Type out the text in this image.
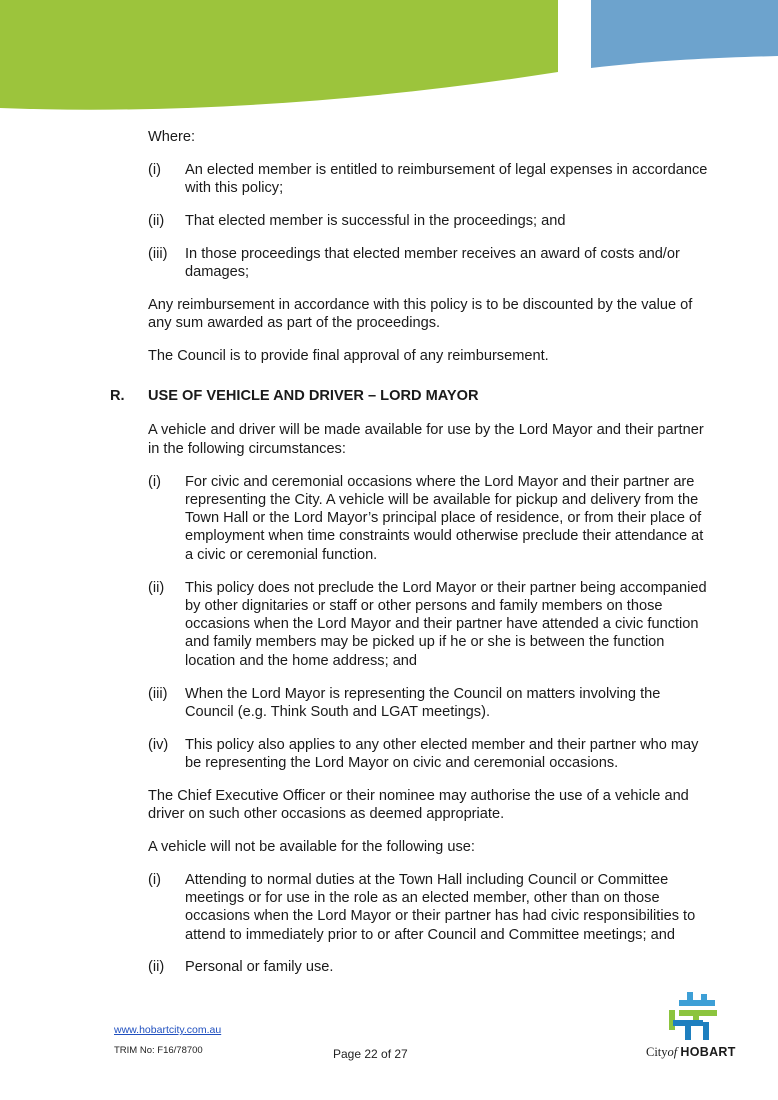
Where:

(i) An elected member is entitled to reimbursement of legal expenses in accordance with this policy;

(ii) That elected member is successful in the proceedings; and

(iii) In those proceedings that elected member receives an award of costs and/or damages;

Any reimbursement in accordance with this policy is to be discounted by the value of any sum awarded as part of the proceedings.

The Council is to provide final approval of any reimbursement.

R. USE OF VEHICLE AND DRIVER – LORD MAYOR

A vehicle and driver will be made available for use by the Lord Mayor and their partner in the following circumstances:

(i) For civic and ceremonial occasions where the Lord Mayor and their partner are representing the City. A vehicle will be available for pickup and delivery from the Town Hall or the Lord Mayor’s principal place of residence, or from their place of employment when time constraints would otherwise preclude their attendance at a civic or ceremonial function.

(ii) This policy does not preclude the Lord Mayor or their partner being accompanied by other dignitaries or staff or other persons and family members on those occasions when the Lord Mayor and their partner have attended a civic function and family members may be picked up if he or she is between the function location and the home address; and

(iii) When the Lord Mayor is representing the Council on matters involving the Council (e.g. Think South and LGAT meetings).

(iv) This policy also applies to any other elected member and their partner who may be representing the Lord Mayor on civic and ceremonial occasions.

The Chief Executive Officer or their nominee may authorise the use of a vehicle and driver on such other occasions as deemed appropriate.

A vehicle will not be available for the following use:

(i) Attending to normal duties at the Town Hall including Council or Committee meetings or for use in the role as an elected member, other than on those occasions when the Lord Mayor or their partner has had civic responsibilities to attend to immediately prior to or after Council and Committee meetings; and

(ii) Personal or family use.

www.hobartcity.com.au
TRIM No: F16/78700	Page 22 of 27	Cityof HOBART
